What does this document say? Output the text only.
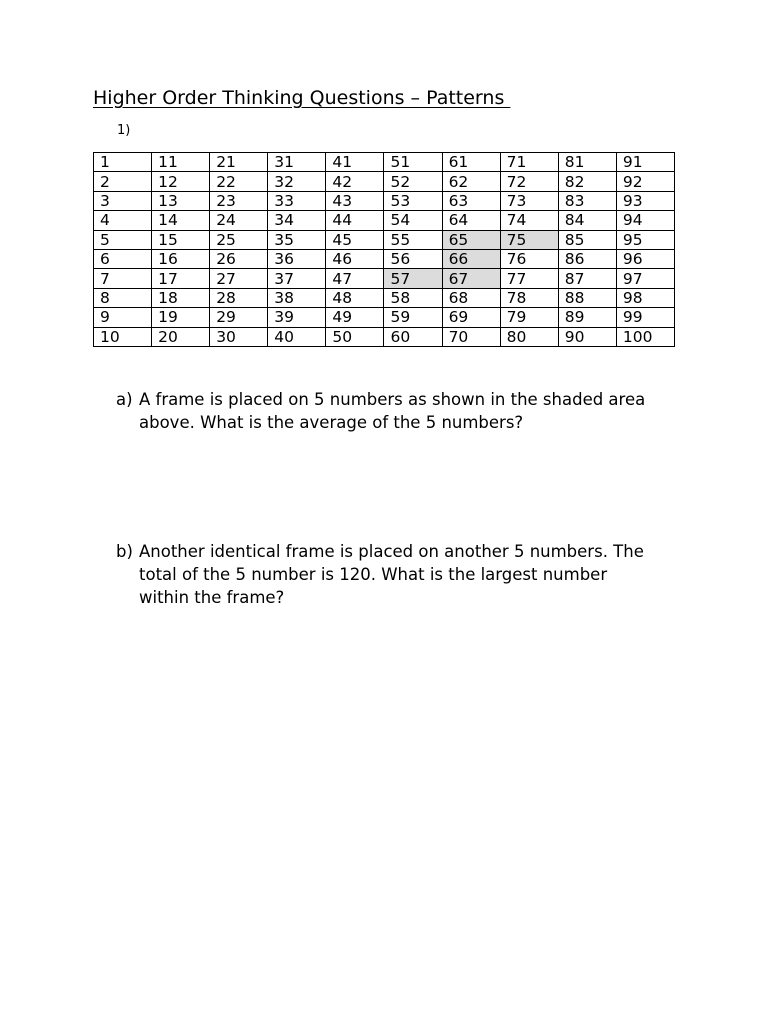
Higher Order Thinking Questions – Patterns
1)
1	11	21	31	41	51	61	71	81	91
2	12	22	32	42	52	62	72	82	92
3	13	23	33	43	53	63	73	83	93
4	14	24	34	44	54	64	74	84	94
5	15	25	35	45	55	65	75	85	95
6	16	26	36	46	56	66	76	86	96
7	17	27	37	47	57	67	77	87	97
8	18	28	38	48	58	68	78	88	98
9	19	29	39	49	59	69	79	89	99
10	20	30	40	50	60	70	80	90	100
a) A frame is placed on 5 numbers as shown in the shaded area above. What is the average of the 5 numbers?
b) Another identical frame is placed on another 5 numbers. The total of the 5 number is 120. What is the largest number within the frame?
